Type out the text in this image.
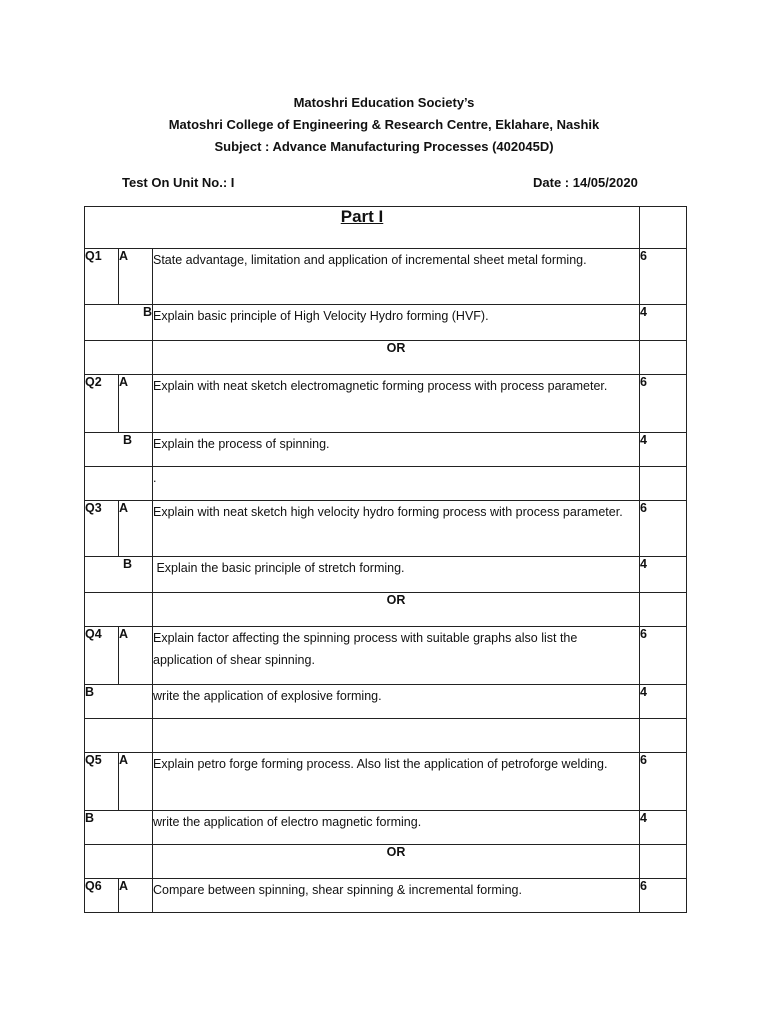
Matoshri Education Society’s
Matoshri College of Engineering & Research Centre, Eklahare, Nashik
Subject : Advance Manufacturing Processes (402045D)
Test On Unit No.: I	Date : 14/05/2020
Part I			
Q1	A	State advantage, limitation and application of incremental sheet metal forming.	6
B		Explain basic principle of High Velocity Hydro forming (HVF).	4
		OR	
Q2	A	Explain with neat sketch electromagnetic forming process with process parameter.	6
B		Explain the process of spinning.	4
		.	
Q3	A	Explain with neat sketch high velocity hydro forming process with process parameter.	6
B		Explain the basic principle of stretch forming.	4
		OR	
Q4	A	Explain factor affecting the spinning process with suitable graphs also list the application of shear spinning.	6
B		write the application of explosive forming.	4

Q5	A	Explain petro forge forming process. Also list the application of petroforge welding.	6
B		write the application of electro magnetic forming.	4
		OR	
Q6	A	Compare between spinning, shear spinning & incremental forming.	6
